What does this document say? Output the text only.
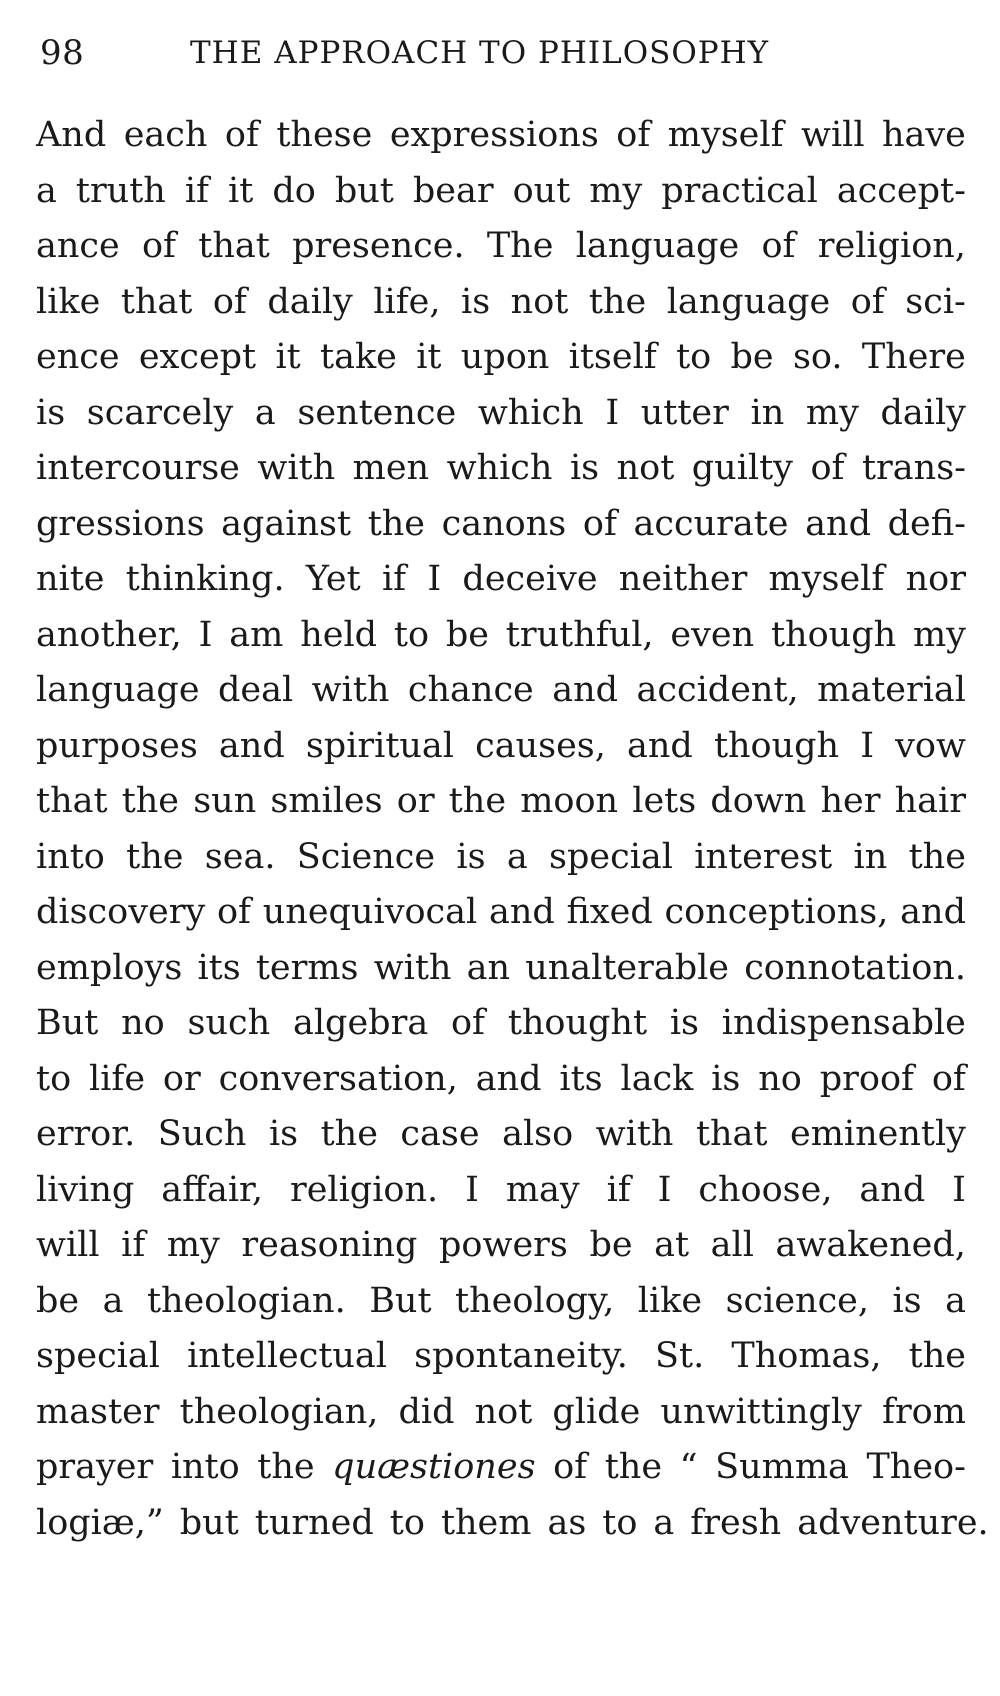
98	THE APPROACH TO PHILOSOPHY
And each of these expressions of myself will have
a truth if it do but bear out my practical accept-
ance of that presence. The language of religion,
like that of daily life, is not the language of sci-
ence except it take it upon itself to be so. There
is scarcely a sentence which I utter in my daily
intercourse with men which is not guilty of trans-
gressions against the canons of accurate and defi-
nite thinking. Yet if I deceive neither myself nor
another, I am held to be truthful, even though my
language deal with chance and accident, material
purposes and spiritual causes, and though I vow
that the sun smiles or the moon lets down her hair
into the sea. Science is a special interest in the
discovery of unequivocal and fixed conceptions, and
employs its terms with an unalterable connotation.
But no such algebra of thought is indispensable
to life or conversation, and its lack is no proof of
error. Such is the case also with that eminently
living affair, religion. I may if I choose, and I
will if my reasoning powers be at all awakened,
be a theologian. But theology, like science, is a
special intellectual spontaneity. St. Thomas, the
master theologian, did not glide unwittingly from
prayer into the quæstiones of the “ Summa Theo-
logiæ,” but turned to them as to a fresh adventure.
